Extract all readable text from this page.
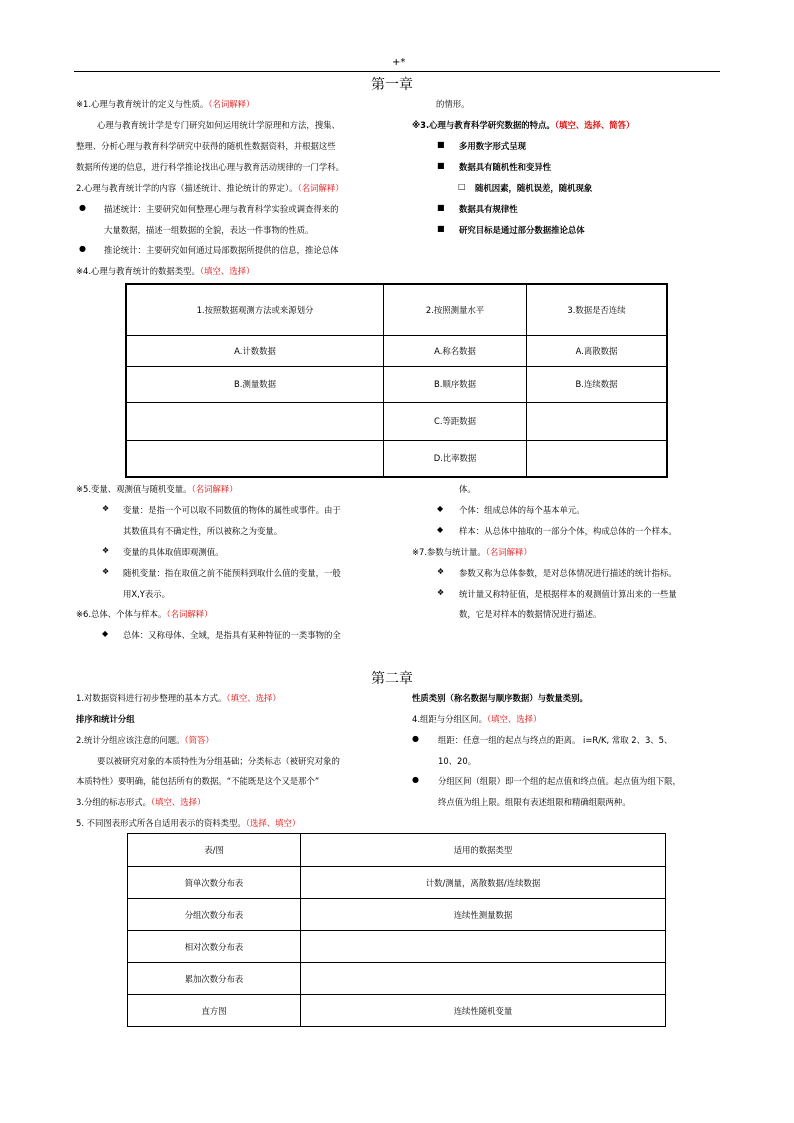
+*
第一章
※1.心理与教育统计的定义与性质。（名词解释）
心理与教育统计学是专门研究如何运用统计学原理和方法，搜集、
整理、分析心理与教育科学研究中获得的随机性数据资料，并根据这些
数据所传递的信息，进行科学推论找出心理与教育活动规律的一门学科。
2.心理与教育统计学的内容（描述统计、推论统计的界定）。（名词解释）
● 描述统计：主要研究如何整理心理与教育科学实验或调查得来的
大量数据，描述一组数据的全貌，表达一件事物的性质。
● 推论统计：主要研究如何通过局部数据所提供的信息，推论总体
的情形。
※3.心理与教育科学研究数据的特点。（填空、选择、简答）
■ 多用数字形式呈现
■ 数据具有随机性和变异性
□ 随机因素，随机误差，随机现象
■ 数据具有规律性
■ 研究目标是通过部分数据推论总体
※4.心理与教育统计的数据类型。（填空、选择）
1.按照数据观测方法或来源划分	2.按照测量水平	3.数据是否连续
A.计数数据	A.称名数据	A.离散数据
B.测量数据	B.顺序数据	B.连续数据
	C.等距数据	
	D.比率数据	
※5.变量、观测值与随机变量。（名词解释）
❖ 变量：是指一个可以取不同数值的物体的属性或事件。由于
其数值具有不确定性，所以被称之为变量。
❖ 变量的具体取值即观测值。
❖ 随机变量：指在取值之前不能预料到取什么值的变量，一般
用X,Y表示。
※6.总体、个体与样本。（名词解释）
◆ 总体：又称母体、全域，是指具有某种特征的一类事物的全
体。
◆ 个体：组成总体的每个基本单元。
◆ 样本：从总体中抽取的一部分个体，构成总体的一个样本。
※7.参数与统计量。（名词解释）
❖ 参数又称为总体参数，是对总体情况进行描述的统计指标。
❖ 统计量又称特征值，是根据样本的观测值计算出来的一些量
数，它是对样本的数据情况进行描述。
第二章
1.对数据资料进行初步整理的基本方式。（填空、选择）
排序和统计分组
2.统计分组应该注意的问题。（简答）
要以被研究对象的本质特性为分组基础；分类标志（被研究对象的
本质特性）要明确，能包括所有的数据。“不能既是这个又是那个”
3.分组的标志形式。（填空、选择）
5. 不同图表形式所各自适用表示的资料类型。（选择、填空）
性质类别（称名数据与顺序数据）与数量类别。
4.组距与分组区间。（填空、选择）
● 组距：任意一组的起点与终点的距离。 i=R/K, 常取 2、3、5、
10、20。
● 分组区间（组限）即一个组的起点值和终点值。起点值为组下限，
终点值为组上限。组限有表述组限和精确组限两种。
表/图	适用的数据类型
简单次数分布表	计数/测量，离散数据/连续数据
分组次数分布表	连续性测量数据
相对次数分布表	
累加次数分布表	
直方图	连续性随机变量
